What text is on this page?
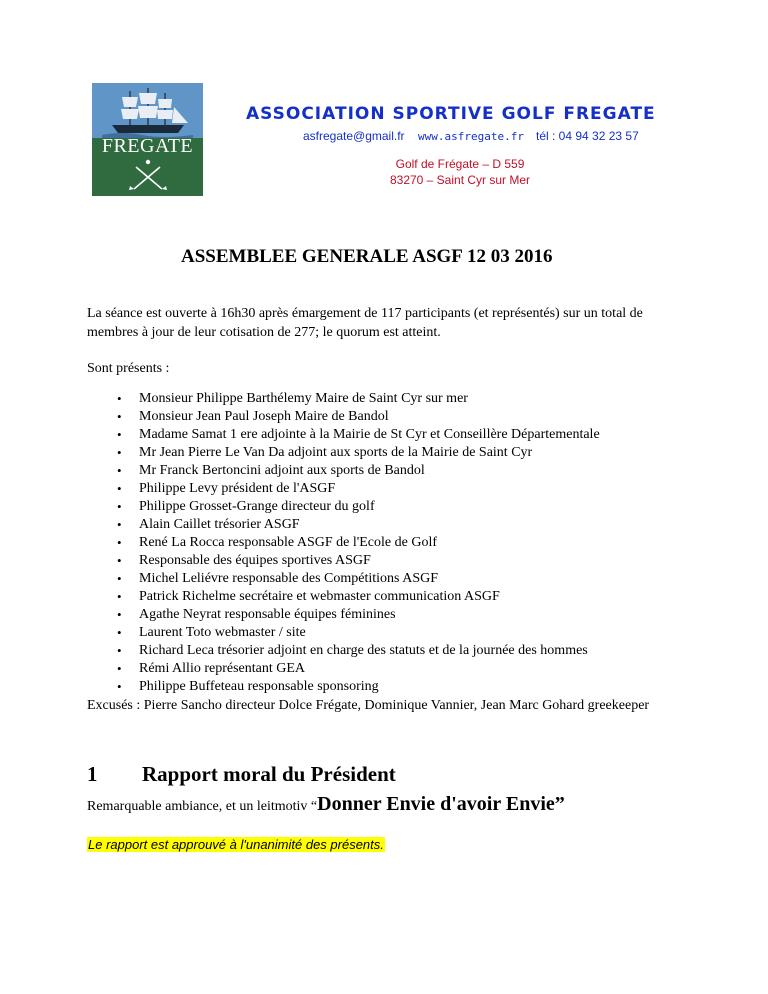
FREGATE
ASSOCIATION SPORTIVE GOLF FREGATE
asfregate@gmail.fr www.asfregate.fr tél : 04 94 32 23 57
Golf de Frégate – D 559
83270 – Saint Cyr sur Mer
ASSEMBLEE GENERALE ASGF 12 03 2016

La séance est ouverte à 16h30 après émargement de 117 participants (et représentés) sur un total de membres à jour de leur cotisation de 277; le quorum est atteint.

Sont présents :

• Monsieur Philippe Barthélemy Maire de Saint Cyr sur mer
• Monsieur Jean Paul Joseph Maire de Bandol
• Madame Samat 1 ere adjointe à la Mairie de St Cyr et Conseillère Départementale
• Mr Jean Pierre Le Van Da adjoint aux sports de la Mairie de Saint Cyr
• Mr Franck Bertoncini adjoint aux sports de Bandol
• Philippe Levy président de l'ASGF
• Philippe Grosset-Grange directeur du golf
• Alain Caillet trésorier ASGF
• René La Rocca responsable ASGF de l'Ecole de Golf
• Responsable des équipes sportives ASGF
• Michel Leliévre responsable des Compétitions ASGF
• Patrick Richelme secrétaire et webmaster communication ASGF
• Agathe Neyrat responsable équipes féminines
• Laurent Toto webmaster / site
• Richard Leca trésorier adjoint en charge des statuts et de la journée des hommes
• Rémi Allio représentant GEA
• Philippe Buffeteau responsable sponsoring

Excusés : Pierre Sancho directeur Dolce Frégate, Dominique Vannier, Jean Marc Gohard greekeeper

1 Rapport moral du Président
Remarquable ambiance, et un leitmotiv “Donner Envie d'avoir Envie”
Le rapport est approuvé à l'unanimité des présents.
